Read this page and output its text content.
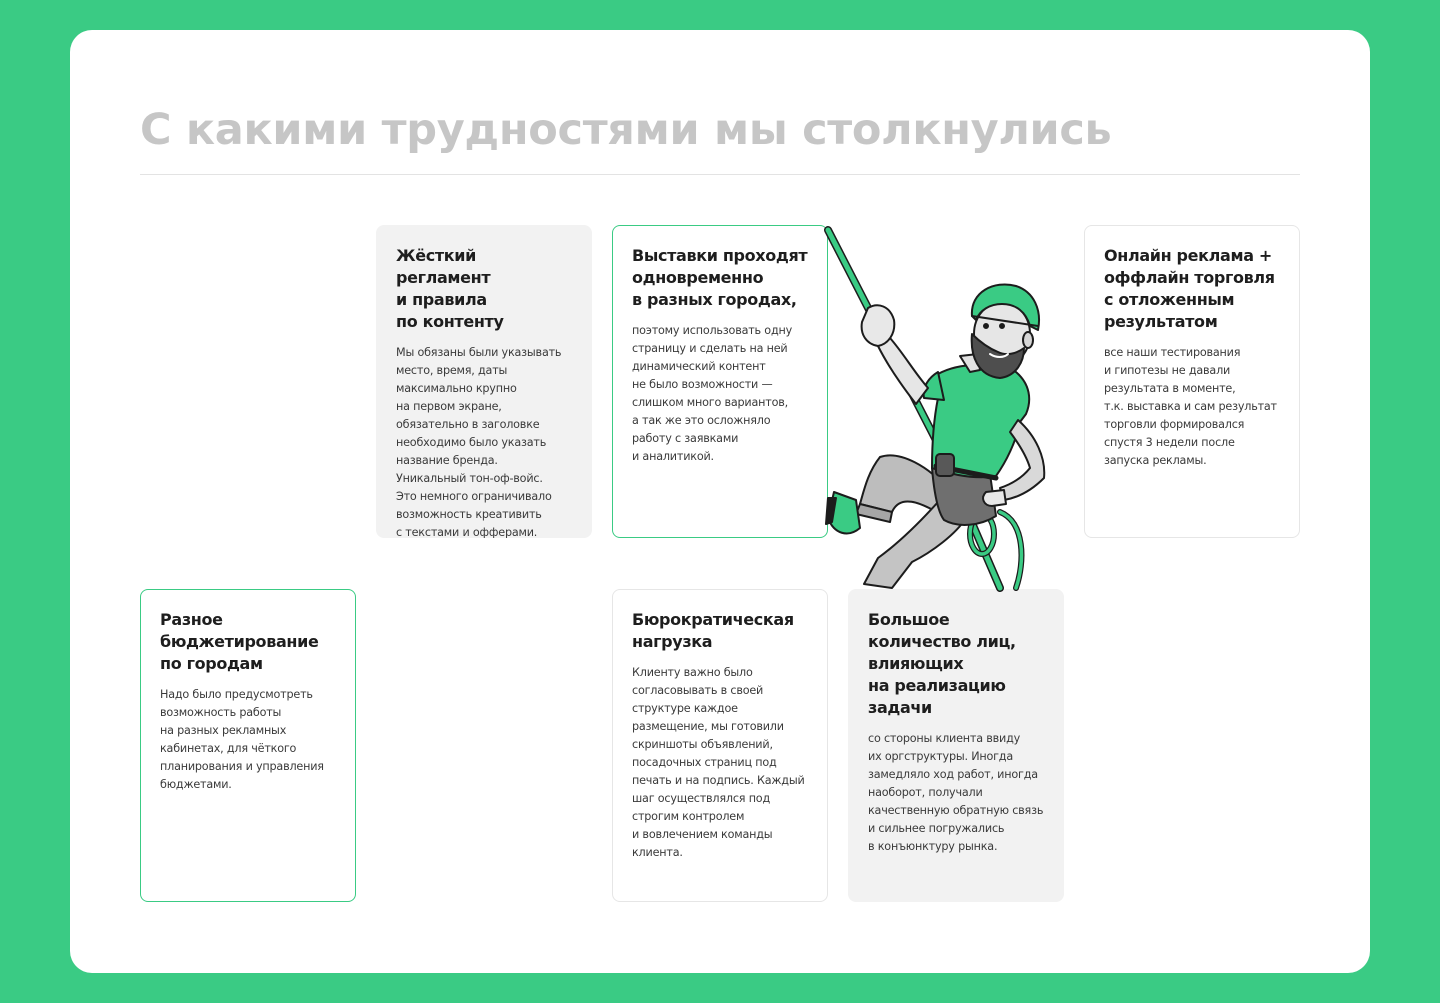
С какими трудностями мы столкнулись
Жёсткий регламент
и правила
по контенту

Мы обязаны были указывать
место, время, даты
максимально крупно
на первом экране,
обязательно в заголовке
необходимо было указать
название бренда.
Уникальный тон-оф-войс.
Это немного ограничивало
возможность креативить
с текстами и офферами.

Выставки проходят
одновременно
в разных городах,

поэтому использовать одну
страницу и сделать на ней
динамический контент
не было возможности —
слишком много вариантов,
а так же это осложняло
работу с заявками
и аналитикой.

Онлайн реклама +
оффлайн торговля
с отложенным
результатом

все наши тестирования
и гипотезы не давали
результата в моменте,
т.к. выставка и сам результат
торговли формировался
спустя 3 недели после
запуска рекламы.

Разное
бюджетирование
по городам

Надо было предусмотреть
возможность работы
на разных рекламных
кабинетах, для чёткого
планирования и управления
бюджетами.

Бюрократическая
нагрузка

Клиенту важно было
согласовывать в своей
структуре каждое
размещение, мы готовили
скриншоты объявлений,
посадочных страниц под
печать и на подпись. Каждый
шаг осуществлялся под
строгим контролем
и вовлечением команды
клиента.

Большое
количество лиц,
влияющих
на реализацию
задачи

со стороны клиента ввиду
их оргструктуры. Иногда
замедляло ход работ, иногда
наоборот, получали
качественную обратную связь
и сильнее погружались
в конъюнктуру рынка.
